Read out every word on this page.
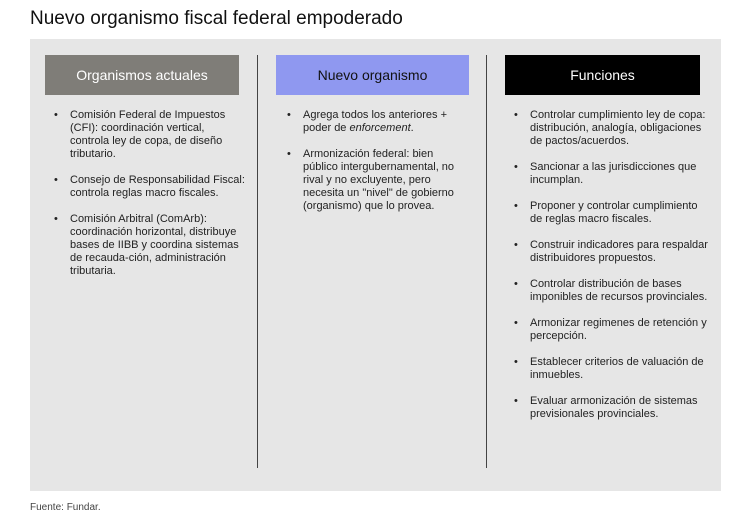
Nuevo organismo fiscal federal empoderado
Organismos actuales
• Comisión Federal de Impuestos (CFI): coordinación vertical, controla ley de copa, de diseño tributario.
• Consejo de Responsabilidad Fiscal: controla reglas macro fiscales.
• Comisión Arbitral (ComArb): coordinación horizontal, distribuye bases de IIBB y coordina sistemas de recauda-ción, administración tributaria.
Nuevo organismo
• Agrega todos los anteriores + poder de enforcement.
• Armonización federal: bien público intergubernamental, no rival y no excluyente, pero necesita un "nivel" de gobierno (organismo) que lo provea.
Funciones
• Controlar cumplimiento ley de copa: distribución, analogía, obligaciones de pactos/acuerdos.
• Sancionar a las jurisdicciones que incumplan.
• Proponer y controlar cumplimiento de reglas macro fiscales.
• Construir indicadores para respaldar distribuidores propuestos.
• Controlar distribución de bases imponibles de recursos provinciales.
• Armonizar regimenes de retención y percepción.
• Establecer criterios de valuación de inmuebles.
• Evaluar armonización de sistemas previsionales provinciales.
Fuente: Fundar.
